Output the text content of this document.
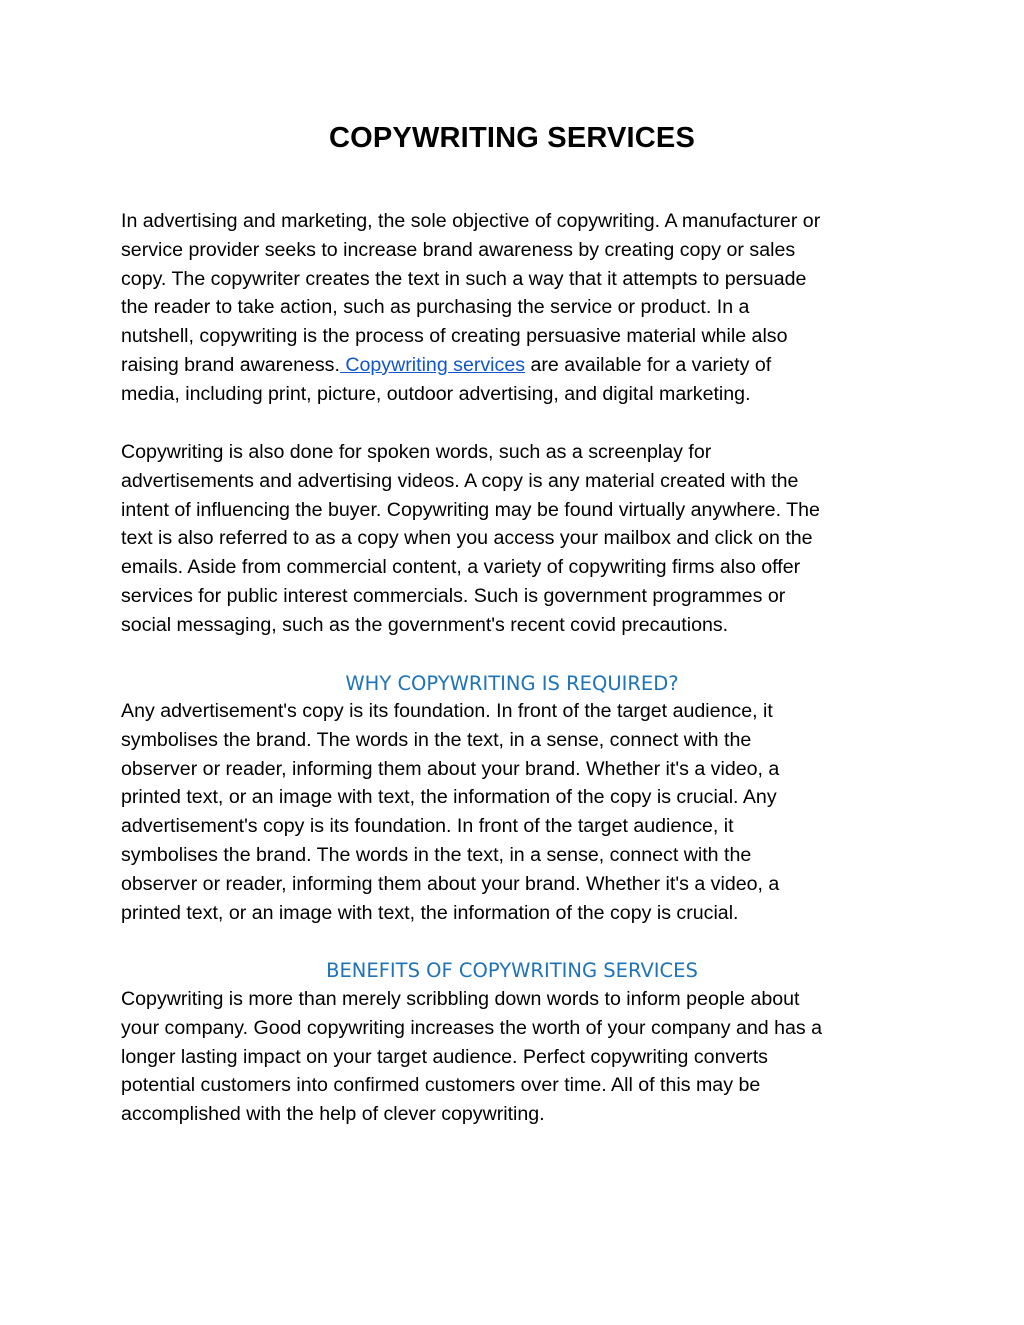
COPYWRITING SERVICES

In advertising and marketing, the sole objective of copywriting. A manufacturer or
service provider seeks to increase brand awareness by creating copy or sales
copy. The copywriter creates the text in such a way that it attempts to persuade
the reader to take action, such as purchasing the service or product. In a
nutshell, copywriting is the process of creating persuasive material while also
raising brand awareness. Copywriting services are available for a variety of
media, including print, picture, outdoor advertising, and digital marketing.

Copywriting is also done for spoken words, such as a screenplay for
advertisements and advertising videos. A copy is any material created with the
intent of influencing the buyer. Copywriting may be found virtually anywhere. The
text is also referred to as a copy when you access your mailbox and click on the
emails. Aside from commercial content, a variety of copywriting firms also offer
services for public interest commercials. Such is government programmes or
social messaging, such as the government's recent covid precautions.

WHY COPYWRITING IS REQUIRED?

Any advertisement's copy is its foundation. In front of the target audience, it
symbolises the brand. The words in the text, in a sense, connect with the
observer or reader, informing them about your brand. Whether it's a video, a
printed text, or an image with text, the information of the copy is crucial. Any
advertisement's copy is its foundation. In front of the target audience, it
symbolises the brand. The words in the text, in a sense, connect with the
observer or reader, informing them about your brand. Whether it's a video, a
printed text, or an image with text, the information of the copy is crucial.

BENEFITS OF COPYWRITING SERVICES

Copywriting is more than merely scribbling down words to inform people about
your company. Good copywriting increases the worth of your company and has a
longer lasting impact on your target audience. Perfect copywriting converts
potential customers into confirmed customers over time. All of this may be
accomplished with the help of clever copywriting.
